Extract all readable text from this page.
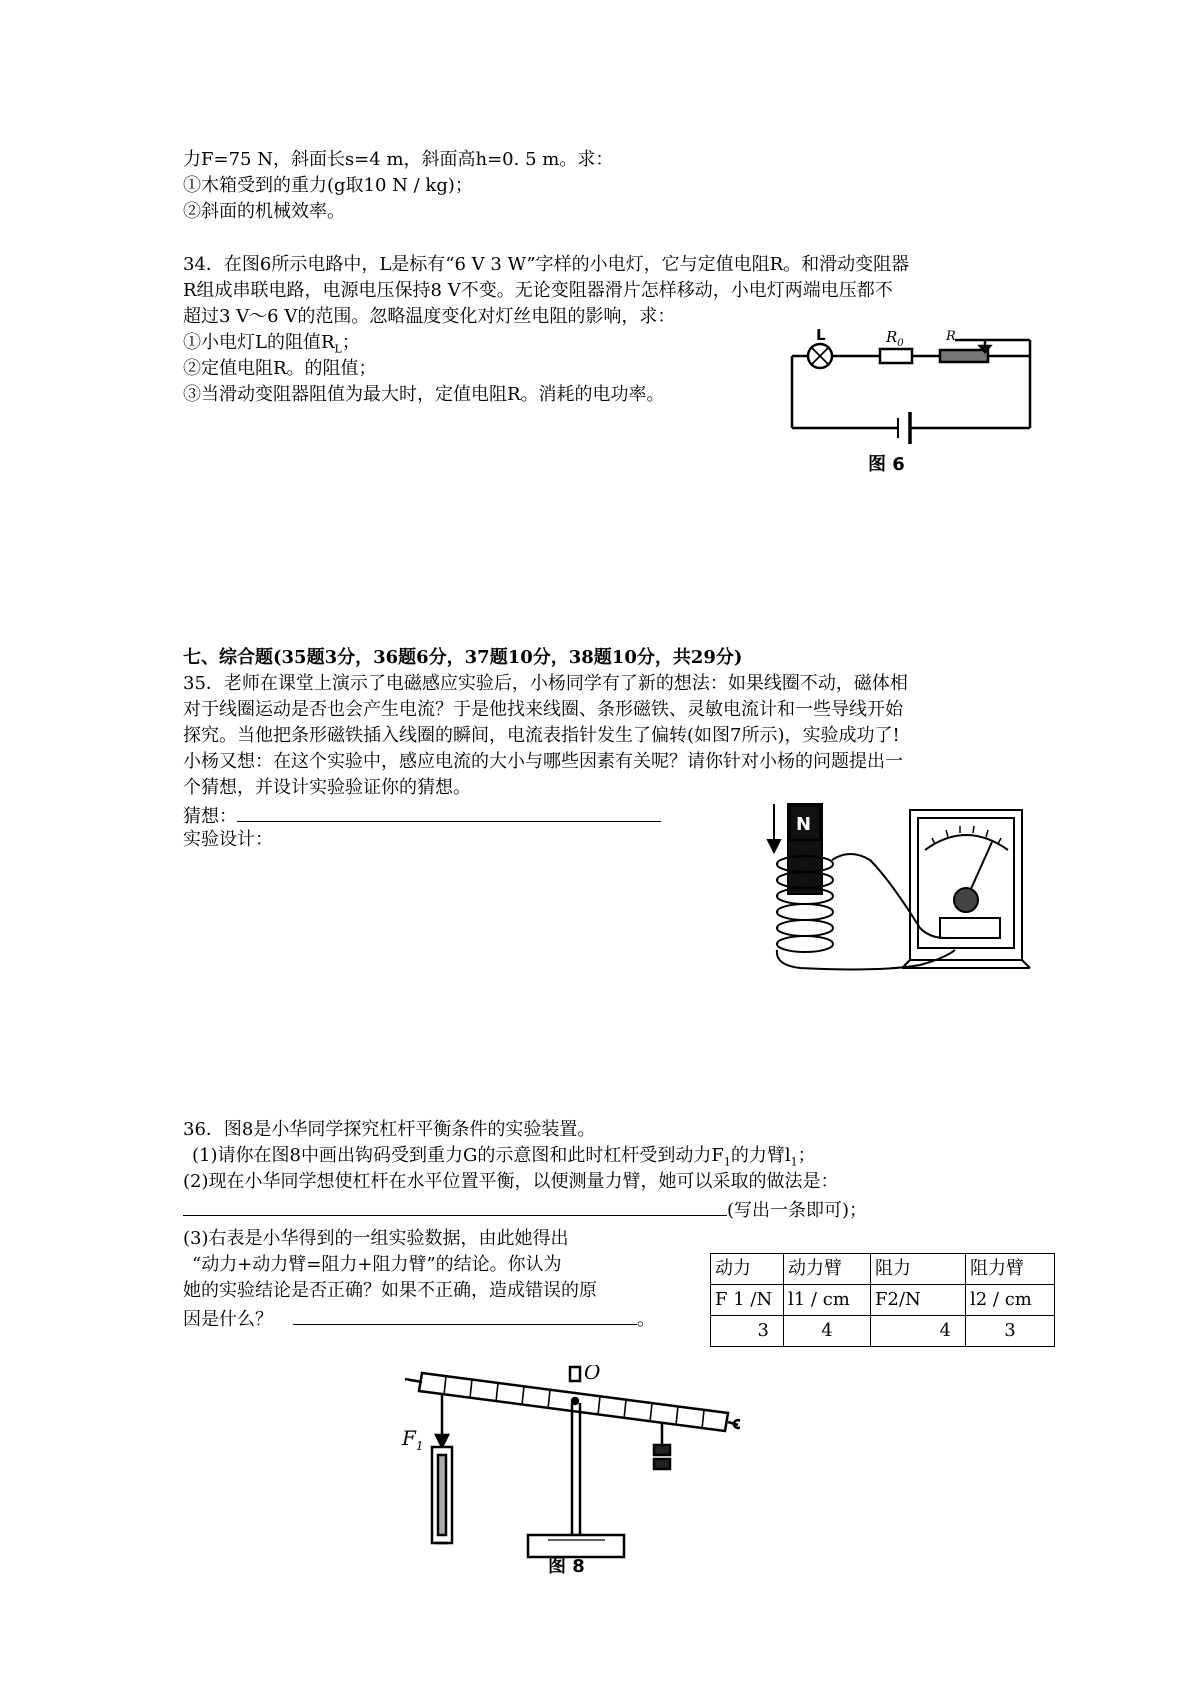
力F=75 N，斜面长s=4 m，斜面高h=0. 5 m。求：
①木箱受到的重力(g取10 N / kg)；
②斜面的机械效率。
34．在图6所示电路中，L是标有“6 V 3 W”字样的小电灯，它与定值电阻R。和滑动变阻器
R组成串联电路，电源电压保持8 V不变。无论变阻器滑片怎样移动，小电灯两端电压都不
超过3 V～6 V的范围。忽略温度变化对灯丝电阻的影响，求：
①小电灯L的阻值$R_L$；
②定值电阻R。的阻值；
③当滑动变阻器阻值为最大时，定值电阻R。消耗的电功率。
L	$R_0$	R
图 6
七、综合题(35题3分，36题6分，37题10分，38题10分，共29分)
35．老师在课堂上演示了电磁感应实验后，小杨同学有了新的想法：如果线圈不动，磁体相
对于线圈运动是否也会产生电流？于是他找来线圈、条形磁铁、灵敏电流计和一些导线开始
探究。当他把条形磁铁插入线圈的瞬间，电流表指针发生了偏转(如图7所示)，实验成功了!
小杨又想：在这个实验中，感应电流的大小与哪些因素有关呢？请你针对小杨的问题提出一
个猜想，并设计实验验证你的猜想。
猜想：
实验设计：
N
36．图8是小华同学探究杠杆平衡条件的实验装置。
(1)请你在图8中画出钩码受到重力G的示意图和此时杠杆受到动力$F_1$的力臂$l_1$；
(2)现在小华同学想使杠杆在水平位置平衡，以便测量力臂，她可以采取的做法是：
(写出一条即可)；
(3)右表是小华得到的一组实验数据，由此她得出
“动力+动力臂=阻力+阻力臂”的结论。你认为
她的实验结论是否正确？如果不正确，造成错误的原
因是什么？	。
动力	动力臂	阻力	阻力臂
F 1 /N	l1 / cm	F2/N	l2 / cm
3	4	4	3
O
$F_1$
图 8
